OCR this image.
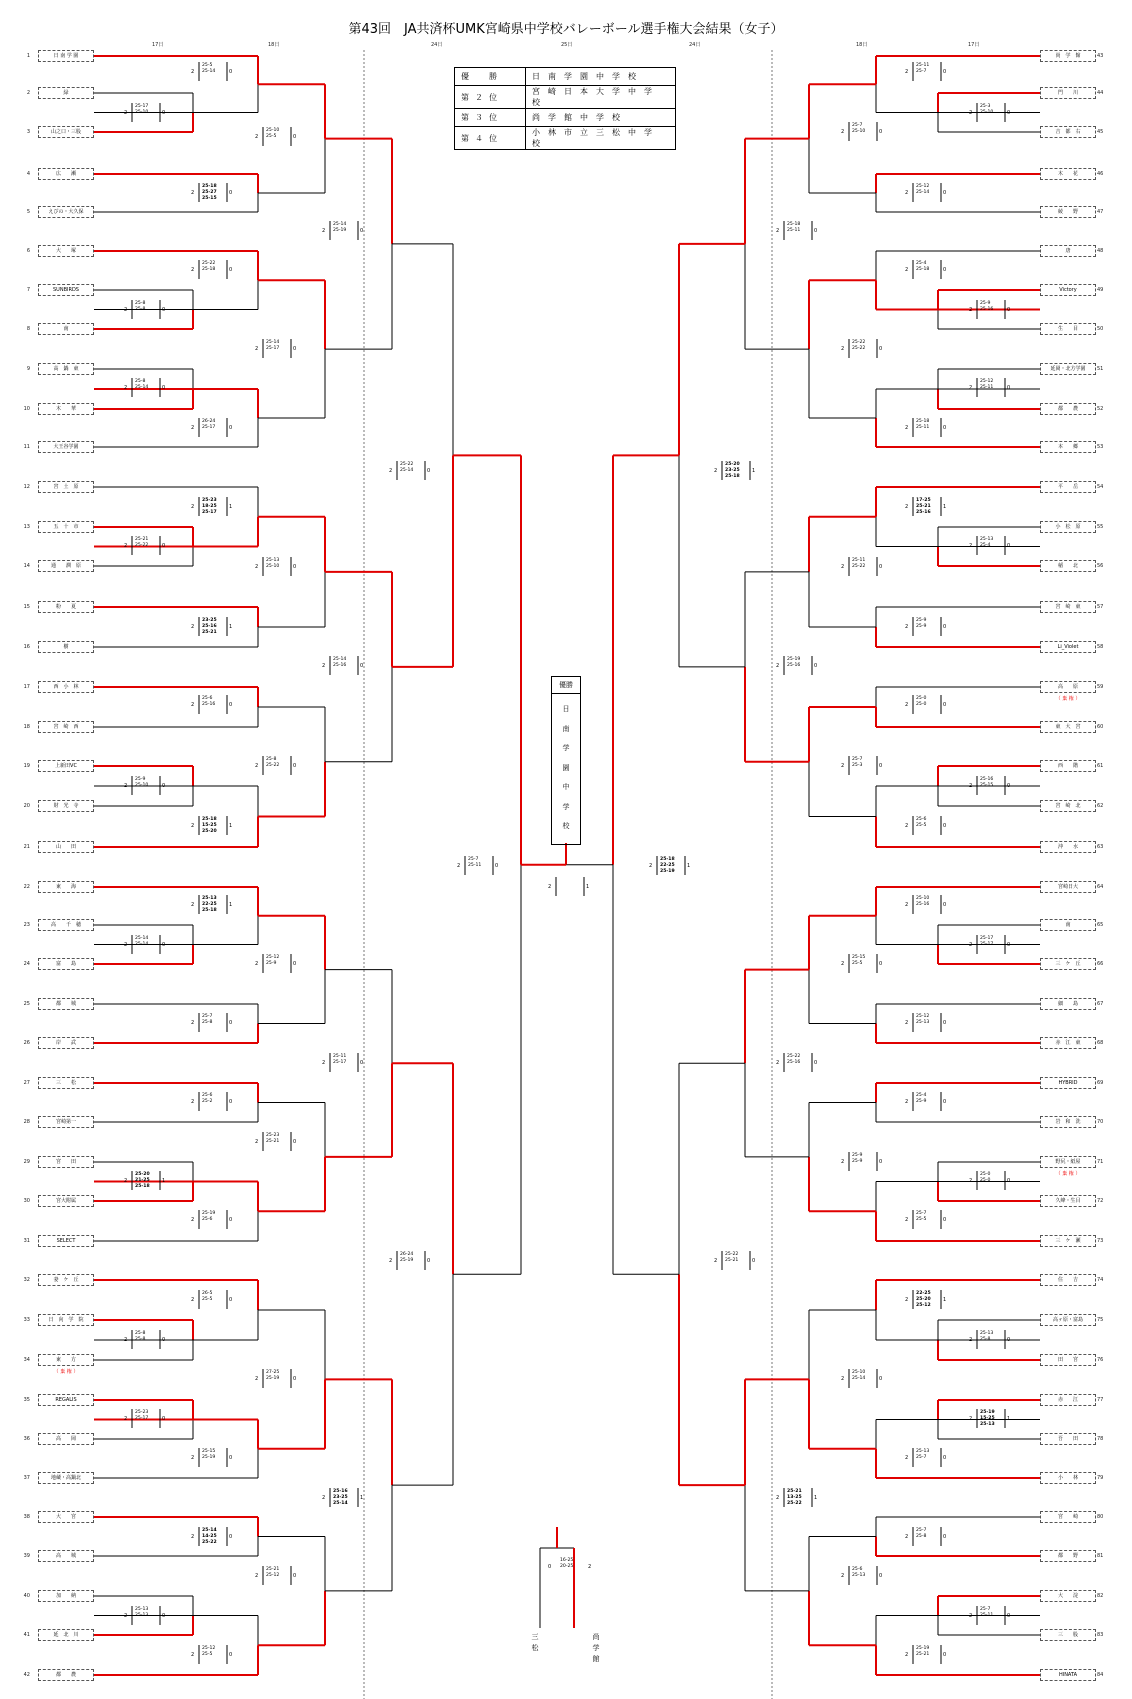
第43回　JA共済杯UMK宮崎県中学校バレーボール選手権大会結果（女子）
17日	18日	24日	25日	24日	18日	17日
優　勝	日南学園中学校
第２位	宮崎日本大学中学校
第３位	尚学館中学校
第４位	小林市立三松中学校
優勝
日
南
学
園
中
学
校
三
松
尚
学
館
1	日 南 学 園	43
尚　学　館
2	緑	44
門　　川
3	山之口・三股	45
吉　都　右
4	広　　瀬	46
木　　花
5	えびの・大久保	47
綾　　野
6	大　　塚	48
唐
7	SUNBIRDS	49
Victory
8	南	50
生　　目
9	高　鍋　東	51
延岡・北方学園
10	木　　華	52
都　　農
11	大王谷学園	53
本　　郷
12	宮　土　原	54
平　　岳
13	五　十　市	55
小　松　原
14	通　　潤　原	56
稲　　北
15	粉　　夏	57
宮　崎　東
16	樹	58
Li_Violet
17	西　小　林	59
高　　原
18	宮　崎　西	60
東　大　宮
19	上新田VC	61
西　　階
20	財　光　寺	62
宮　崎　北
21	山　　田	63
沖　　水
22	東　　海	64
宮崎日大
23	高　　千　穂	65
南
24	富　　島	66
三　ケ　丘
25	都　　城	67
細　　島
26	岸　　武	68
赤　江　東
27	三　　松	69
HYBRID
28	宮崎第一	70
岩　和　洗
29	宮　　田	71
野尻・紙屋
30	宮大附属	72
久峰・生目
31	SELECT	73
三　ケ　瀬
32	妻　ケ　丘	74
住　　吉
33	日　向　学　院	75
高ヶ原・富島
34	東　　方	76
田　　宮
35	REGALIS	77
赤　　江
36	高　　岡	78
吾　　田
37	地蔵・高鍋北	79
小　　林
38	大　　宮	80
宮　　崎
39	高　　城	81
都　　野
40	加　　納	82
大　　淀
41	延　北　川	83
三　　股
42	都　　農	84
HINATA
（ 棄 権 ）
（ 棄 権 ）
（ 棄 権 ）
25-5
25-14
2	0
25-17
25-10
2	0
25-10
25-5
2	0
25-18
25-27
25-15
2	0
25-22
25-18
2	0
25-8
25-8
2	0
25-14
25-17
2	0
25-8
25-14
2	0
26-24
25-17
2	0
25-14
25-19
2	0
25-23
18-25
25-17
2	1
25-21
25-22
2	0
25-13
25-10
2	0
23-25
25-16
25-21
2	1
25-6
25-16
2	0
25-9
25-10
2	0
25-8
25-22
2	0
25-18
15-25
25-20
2	1
25-14
25-16
2	0
25-22
25-14
2	0
25-13
22-25
25-18
2	1
25-14
25-14
2	0
25-12
25-9
2	0
25-7
25-8
2	0
25-6
25-2
2	0
25-20
21-25
25-18
2	1
25-23
25-21
2	0
25-19
25-6
2	0
25-11
25-17
2	0
26-5
25-5
2	0
25-8
25-8
2	0
27-25
25-19
2	0
25-23
25-17
2	0
25-15
25-19
2	0
25-14
14-25
25-22
2	0
25-13
25-13
2	0
25-21
25-12
2	0
25-12
25-5
2	0
25-16
23-25
25-14
2	1
26-24
25-19
2	0
25-7
25-11
2	0
25-11
25-7
2	0
25-3
25-10
2	0
25-7
25-10
2	0
25-12
25-14
2	0
25-4
25-18
2	0
25-9
25-16
2	0
25-22
25-22
2	0
25-12
25-11
2	0
25-18
25-11
2	0
25-18
25-11
2	0
17-25
25-21
25-16
2	1
25-13
25-4
2	0
25-11
25-22
2	0
25-9
25-9
2	0
25-0
25-0
2	0
25-16
25-15
2	0
25-7
25-3
2	0
25-6
25-5
2	0
25-19
25-16
2	0
25-20
23-25
25-18
2	1
25-10
25-16
2	0
25-17
25-17
2	0
25-15
25-5
2	0
25-12
25-13
2	0
25-4
25-9
2	0
25-0
25-0
2	0
25-9
25-9
2	0
25-7
25-5
2	0
25-22
25-16
2	0
22-25
25-20
25-12
2	1
25-13
25-8
2	0
25-10
25-14
2	0
25-19
15-25
25-13
2	1
25-13
25-7
2	0
25-7
25-8
2	0
25-7
25-11
2	0
25-6
25-13
2	0
25-19
25-21
2	0
25-21
13-25
25-22
2	1
25-22
25-21
2	0
25-18
22-25
25-19
2	1
2	1
16-25
20-25
0	2
